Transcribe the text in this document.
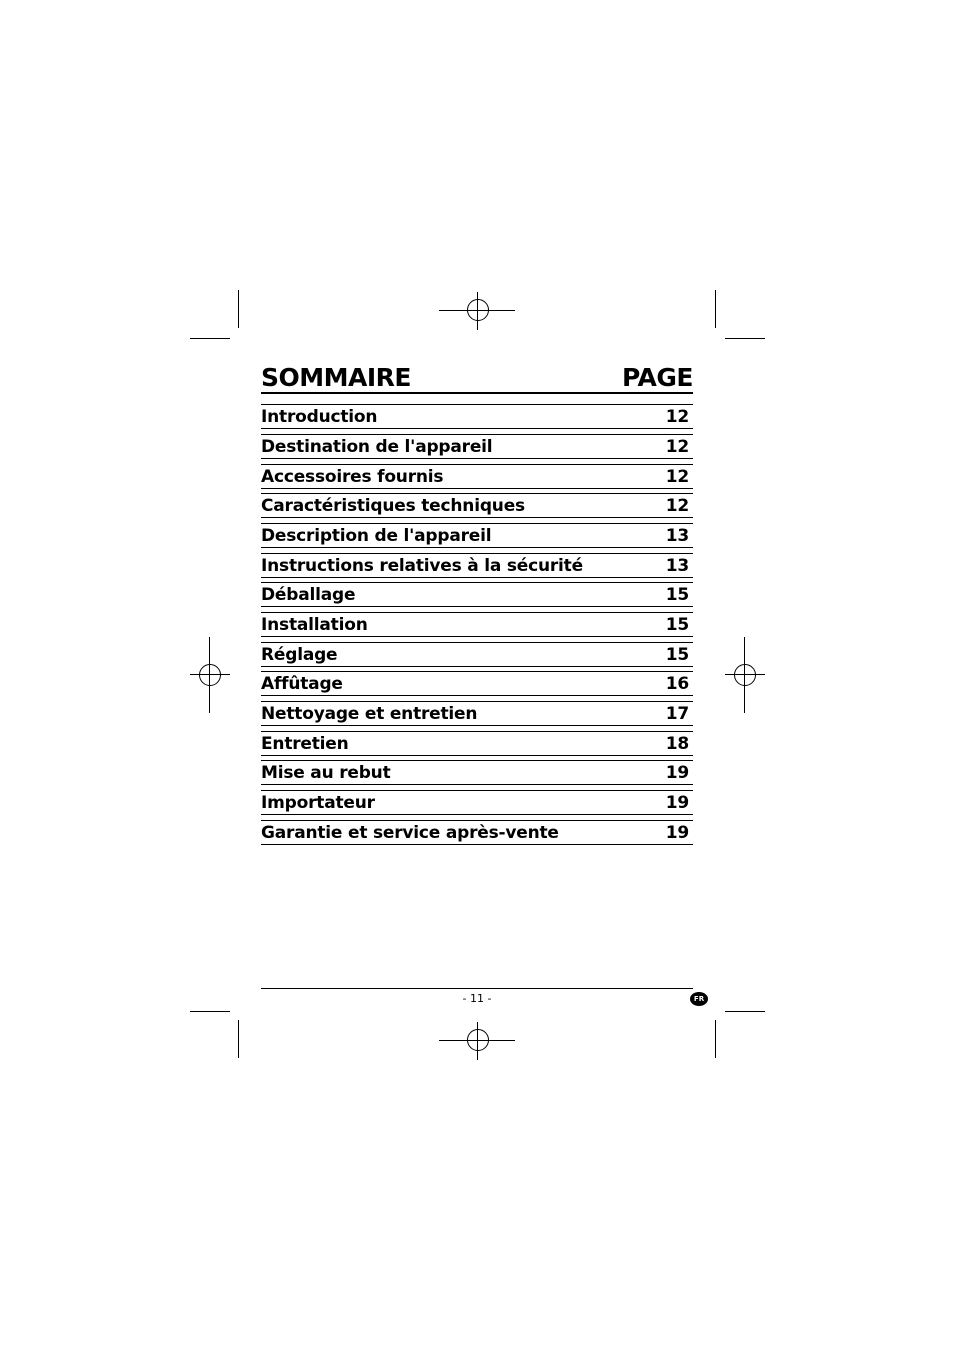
SOMMAIRE	PAGE
Introduction	12
Destination de l'appareil	12
Accessoires fournis	12
Caractéristiques techniques	12
Description de l'appareil	13
Instructions relatives à la sécurité	13
Déballage	15
Installation	15
Réglage	15
Affûtage	16
Nettoyage et entretien	17
Entretien	18
Mise au rebut	19
Importateur	19
Garantie et service après-vente	19
- 11 -	FR
